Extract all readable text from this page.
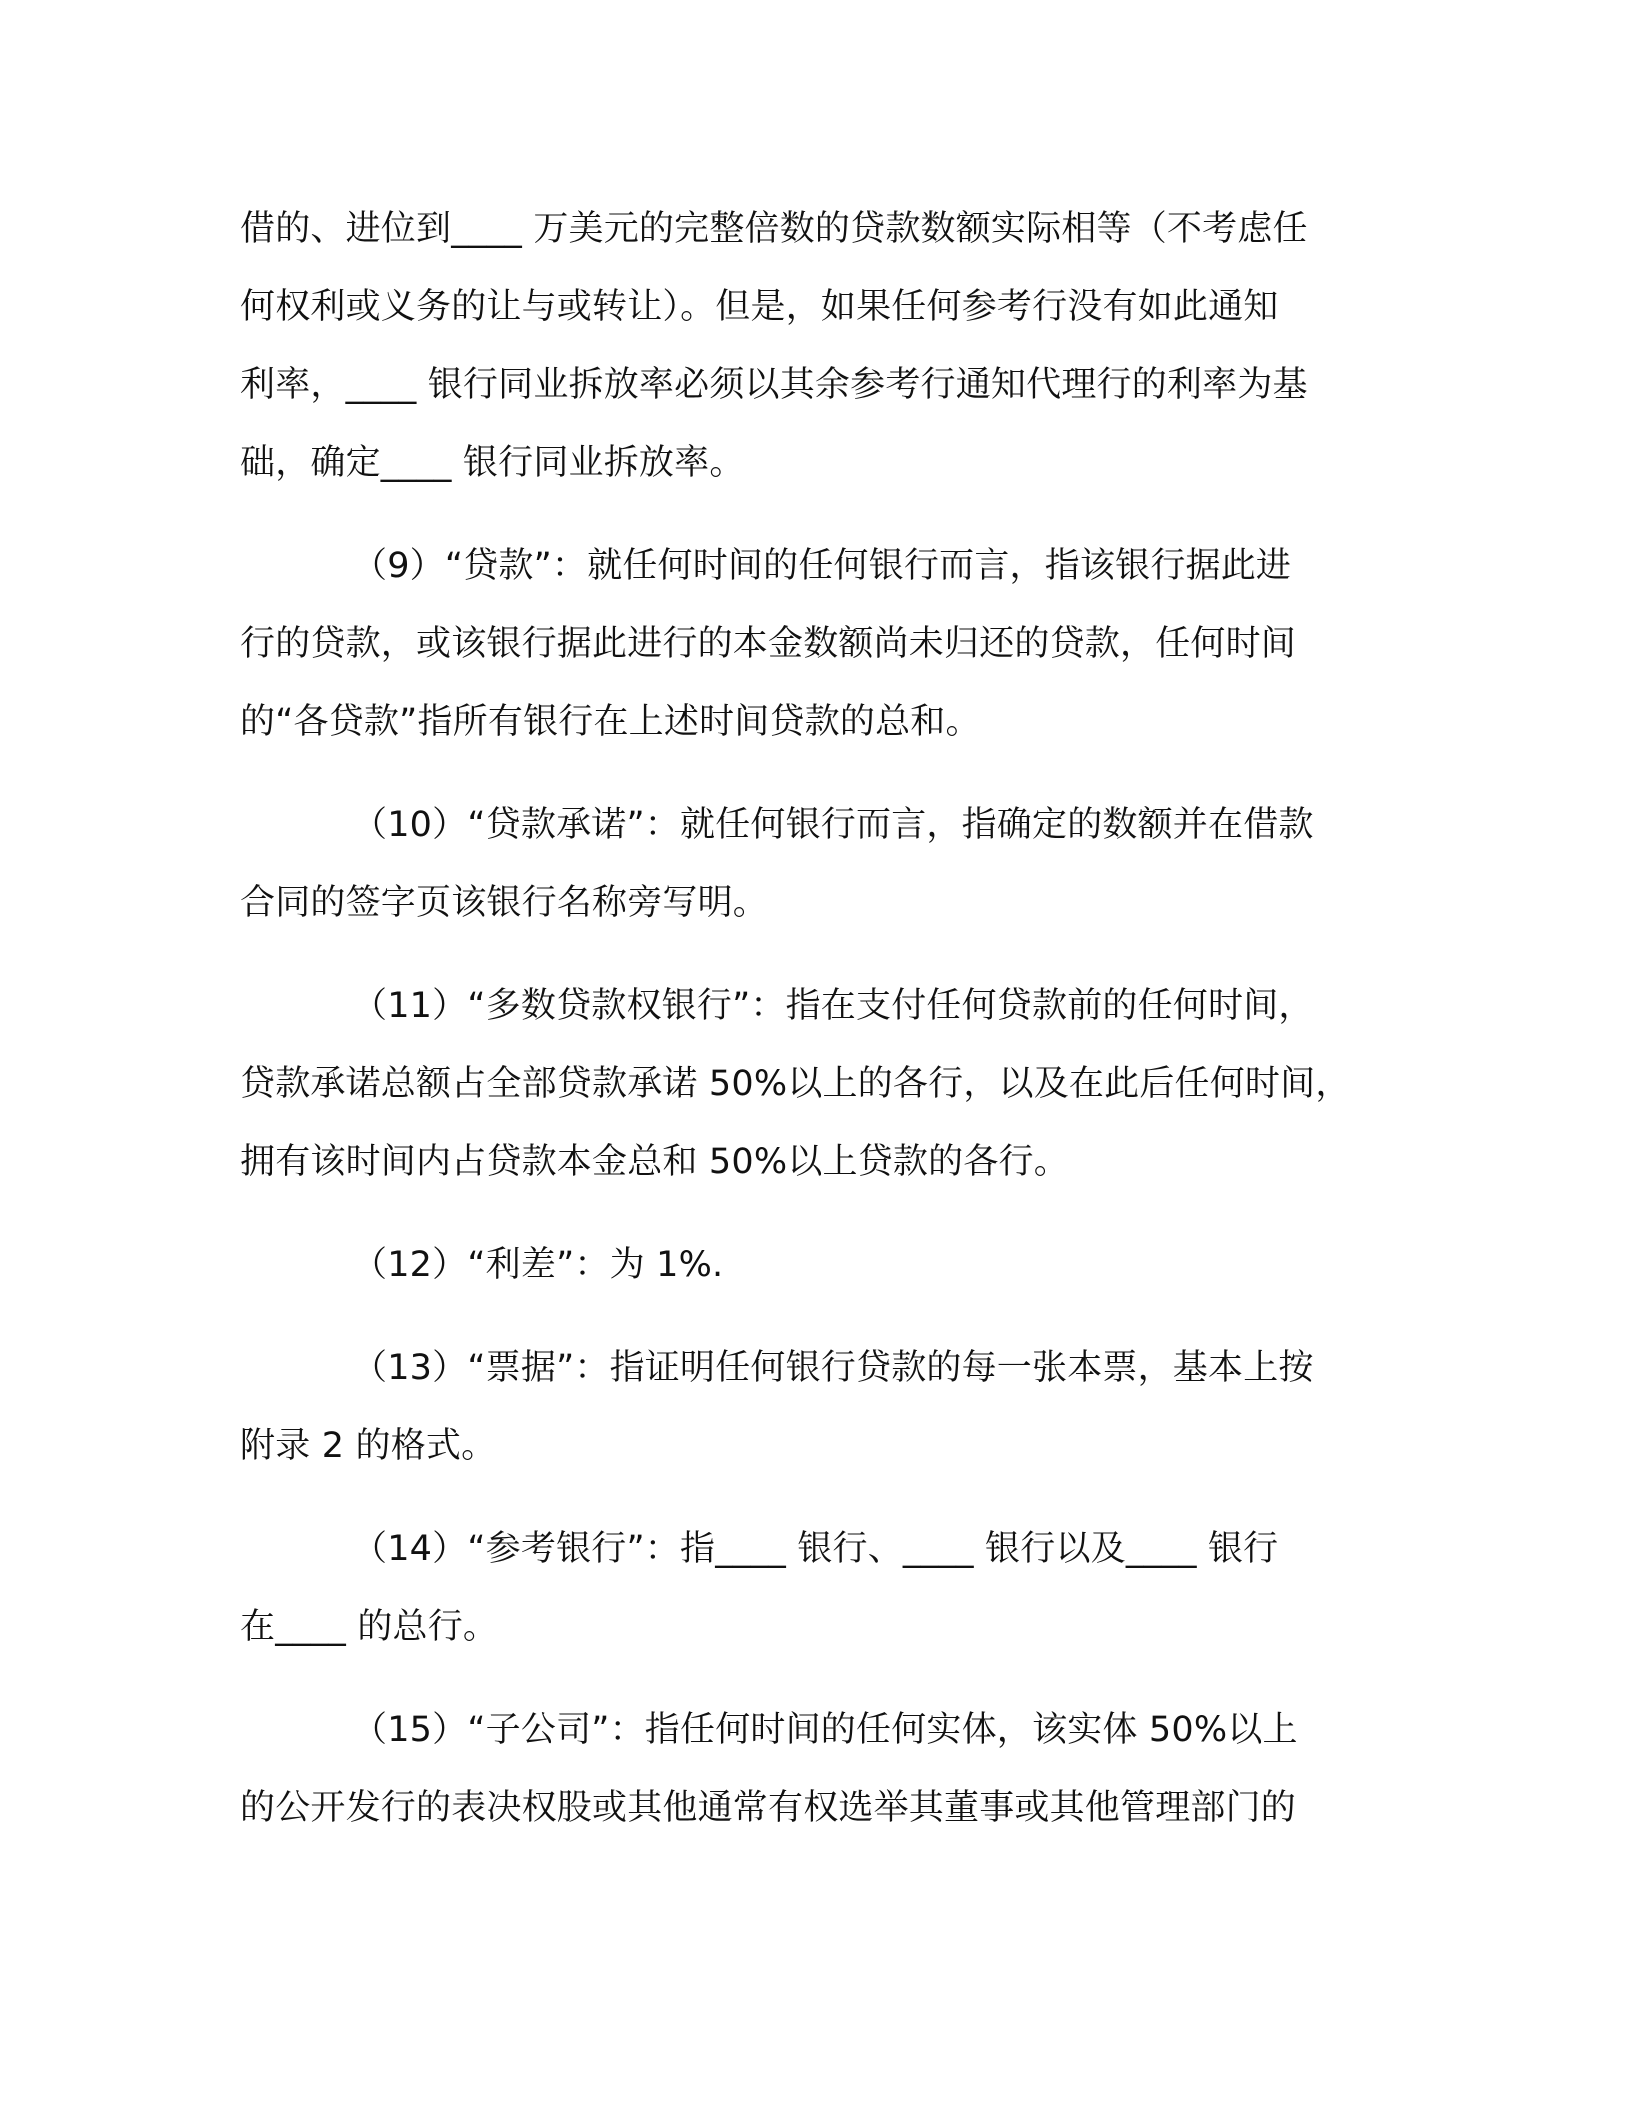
借的、进位到____ 万美元的完整倍数的贷款数额实际相等（不考虑任
何权利或义务的让与或转让）。但是，如果任何参考行没有如此通知
利率，____ 银行同业拆放率必须以其余参考行通知代理行的利率为基
础，确定____ 银行同业拆放率。

（9）“贷款”：就任何时间的任何银行而言，指该银行据此进
行的贷款，或该银行据此进行的本金数额尚未归还的贷款，任何时间
的“各贷款”指所有银行在上述时间贷款的总和。

（10）“贷款承诺”：就任何银行而言，指确定的数额并在借款
合同的签字页该银行名称旁写明。

（11）“多数贷款权银行”：指在支付任何贷款前的任何时间，
贷款承诺总额占全部贷款承诺 50%以上的各行，以及在此后任何时间，
拥有该时间内占贷款本金总和 50%以上贷款的各行。

（12）“利差”：为 1%.

（13）“票据”：指证明任何银行贷款的每一张本票，基本上按
附录 2 的格式。

（14）“参考银行”：指____ 银行、____ 银行以及____ 银行
在____ 的总行。

（15）“子公司”：指任何时间的任何实体，该实体 50%以上
的公开发行的表决权股或其他通常有权选举其董事或其他管理部门的
